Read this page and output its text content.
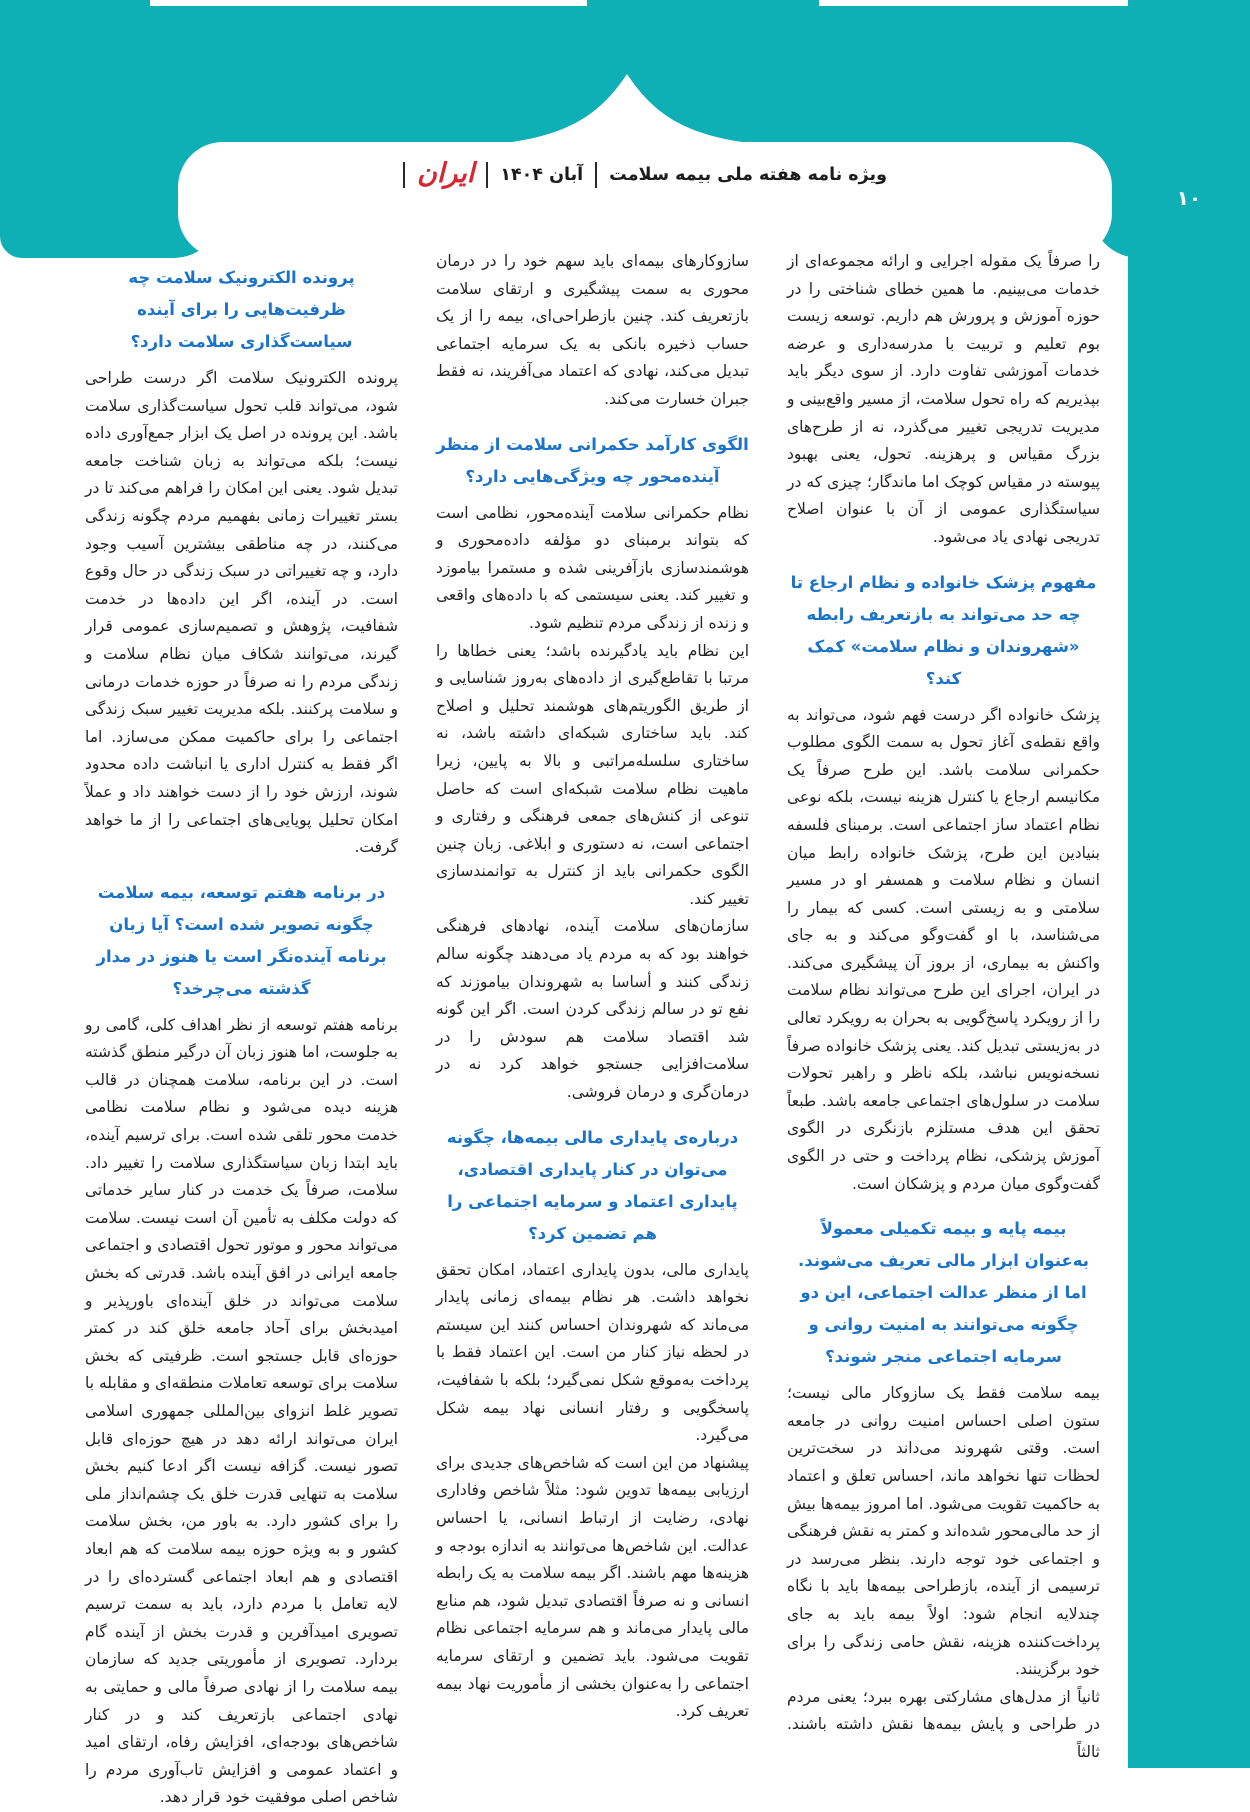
ویژه نامه هفته ملی بیمه سلامت
آبان ۱۴۰۴
ایران
۱۰
را صرفاً یک مقوله اجرایی و ارائه مجموعه‌ای از خدمات می‌بینیم. ما همین خطای شناختی را در حوزه آموزش و پرورش هم داریم. توسعه زیست بوم تعلیم و تربیت با مدرسه‌داری و عرضه خدمات آموزشی تفاوت دارد. از سوی دیگر باید بپذیریم که راه تحول سلامت، از مسیر واقع‌بینی و مدیریت تدریجی تغییر می‌گذرد، نه از طرح‌های بزرگ مقیاس و پرهزینه. تحول، یعنی بهبود پیوسته در مقیاس کوچک اما ماندگار؛ چیزی که در سیاستگذاری عمومی از آن با عنوان اصلاح تدریجی نهادی یاد می‌شود.
مفهوم پزشک خانواده و نظام ارجاع تا چه حد می‌تواند به بازتعریف رابطه «شهروندان و نظام سلامت» کمک کند؟
پزشک خانواده اگر درست فهم شود، می‌تواند به واقع نقطه‌ی آغاز تحول به سمت الگوی مطلوب حکمرانی سلامت باشد. این طرح صرفاً یک مکانیسم ارجاع یا کنترل هزینه نیست، بلکه نوعی نظام اعتماد ساز اجتماعی است. برمبنای فلسفه بنیادین این طرح، پزشک خانواده رابط میان انسان و نظام سلامت و همسفر او در مسیر سلامتی و به زیستی است. کسی که بیمار را می‌شناسد، با او گفت‌وگو می‌کند و به جای واکنش به بیماری، از بروز آن پیشگیری می‌کند. در ایران، اجرای این طرح می‌تواند نظام سلامت را از رویکرد پاسخ‌گویی به بحران به رویکرد تعالی در به‌زیستی تبدیل کند. یعنی پزشک خانواده صرفاً نسخه‌نویس نباشد، بلکه ناظر و راهبر تحولات سلامت در سلول‌های اجتماعی جامعه باشد. طبعاً تحقق این هدف مستلزم بازنگری در الگوی آموزش پزشکی، نظام پرداخت و حتی در الگوی گفت‌وگوی میان مردم و پزشکان است.
بیمه پایه و بیمه تکمیلی معمولاً به‌عنوان ابزار مالی تعریف می‌شوند. اما از منظر عدالت اجتماعی، این دو چگونه می‌توانند به امنیت روانی و سرمایه اجتماعی منجر شوند؟
بیمه سلامت فقط یک سازوکار مالی نیست؛ ستون اصلی احساس امنیت روانی در جامعه است. وقتی شهروند می‌داند در سخت‌ترین لحظات تنها نخواهد ماند، احساس تعلق و اعتماد به حاکمیت تقویت می‌شود. اما امروز بیمه‌ها بیش از حد مالی‌محور شده‌اند و کمتر به نقش فرهنگی و اجتماعی خود توجه دارند. بنظر می‌رسد در ترسیمی از آینده، بازطراحی بیمه‌ها باید با نگاه چندلایه انجام شود: اولاً بیمه باید به جای پرداخت‌کننده هزینه، نقش حامی زندگی را برای خود برگزینند.
ثانیاً از مدل‌های مشارکتی بهره ببرد؛ یعنی مردم در طراحی و پایش بیمه‌ها نقش داشته باشند. ثالثاً
سازوکارهای بیمه‌ای باید سهم خود را در درمان محوری به سمت پیشگیری و ارتقای سلامت بازتعریف کند. چنین بازطراحی‌ای، بیمه را از یک حساب ذخیره بانکی به یک سرمایه اجتماعی تبدیل می‌کند، نهادی که اعتماد می‌آفریند، نه فقط جبران خسارت می‌کند.
الگوی کارآمد حکمرانی سلامت از منظر آینده‌محور چه ویژگی‌هایی دارد؟
نظام حکمرانی سلامت آینده‌محور، نظامی است که بتواند برمبنای دو مؤلفه داده‌محوری و هوشمندسازی بازآفرینی شده و مستمرا بیاموزد و تغییر کند. یعنی سیستمی که با داده‌های واقعی و زنده از زندگی مردم تنظیم شود.
این نظام باید یادگیرنده باشد؛ یعنی خطاها را مرتبا با تقاطع‌گیری از داده‌های به‌روز شناسایی و از طریق الگوریتم‌های هوشمند تحلیل و اصلاح کند. باید ساختاری شبکه‌ای داشته باشد، نه ساختاری سلسله‌مراتبی و بالا به پایین، زیرا ماهیت نظام سلامت شبکه‌ای است که حاصل تنوعی از کنش‌های جمعی فرهنگی و رفتاری و اجتماعی است، نه دستوری و ابلاغی. زبان چنین الگوی حکمرانی باید از کنترل به توانمندسازی تغییر کند.
سازمان‌های سلامت آینده، نهادهای فرهنگی خواهند بود که به مردم یاد می‌دهند چگونه سالم زندگی کنند و أساسا به شهروندان بیاموزند که نفع تو در سالم زندگی کردن است. اگر این گونه شد اقتصاد سلامت هم سودش را در سلامت‌افزایی جستجو خواهد کرد نه در درمان‌گری و درمان فروشی.
درباره‌ی پایداری مالی بیمه‌ها، چگونه می‌توان در کنار پایداری اقتصادی، پایداری اعتماد و سرمایه اجتماعی را هم تضمین کرد؟
پایداری مالی، بدون پایداری اعتماد، امکان تحقق نخواهد داشت. هر نظام بیمه‌ای زمانی پایدار می‌ماند که شهروندان احساس کنند این سیستم در لحظه نیاز کنار من است. این اعتماد فقط با پرداخت به‌موقع شکل نمی‌گیرد؛ بلکه با شفافیت، پاسخگویی و رفتار انسانی نهاد بیمه شکل می‌گیرد.
پیشنهاد من این است که شاخص‌های جدیدی برای ارزیابی بیمه‌ها تدوین شود: مثلاً شاخص وفاداری نهادی، رضایت از ارتباط انسانی، یا احساس عدالت. این شاخص‌ها می‌توانند به اندازه بودجه و هزینه‌ها مهم باشند. اگر بیمه سلامت به یک رابطه انسانی و نه صرفاً اقتصادی تبدیل شود، هم منابع مالی پایدار می‌ماند و هم سرمایه اجتماعی نظام تقویت می‌شود. باید تضمین و ارتقای سرمایه اجتماعی را به‌عنوان بخشی از مأموریت نهاد بیمه تعریف کرد.
پرونده الکترونیک سلامت چه ظرفیت‌هایی را برای آینده سیاست‌گذاری سلامت دارد؟
پرونده الکترونیک سلامت اگر درست طراحی شود، می‌تواند قلب تحول سیاست‌گذاری سلامت باشد. این پرونده در اصل یک ابزار جمع‌آوری داده نیست؛ بلکه می‌تواند به زبان شناخت جامعه تبدیل شود. یعنی این امکان را فراهم می‌کند تا در بستر تغییرات زمانی بفهمیم مردم چگونه زندگی می‌کنند، در چه مناطقی بیشترین آسیب وجود دارد، و چه تغییراتی در سبک زندگی در حال وقوع است. در آینده، اگر این داده‌ها در خدمت شفافیت، پژوهش و تصمیم‌سازی عمومی قرار گیرند، می‌توانند شکاف میان نظام سلامت و زندگی مردم را نه صرفاً در حوزه خدمات درمانی و سلامت پرکنند. بلکه مدیریت تغییر سبک زندگی اجتماعی را برای حاکمیت ممکن می‌سازد. اما اگر فقط به کنترل اداری یا انباشت داده محدود شوند، ارزش خود را از دست خواهند داد و عملاً امکان تحلیل پویایی‌های اجتماعی را از ما خواهد گرفت.
در برنامه هفتم توسعه، بیمه سلامت چگونه تصویر شده است؟ آیا زبان برنامه آینده‌نگر است یا هنوز در مدار گذشته می‌چرخد؟
برنامه هفتم توسعه از نظر اهداف کلی، گامی رو به جلوست، اما هنوز زبان آن درگیر منطق گذشته است. در این برنامه، سلامت همچنان در قالب هزینه دیده می‌شود و نظام سلامت نظامی خدمت محور تلقی شده است. برای ترسیم آینده، باید ابتدا زبان سیاستگذاری سلامت را تغییر داد. سلامت، صرفاً یک خدمت در کنار سایر خدماتی که دولت مکلف به تأمین آن است نیست. سلامت می‌تواند محور و موتور تحول اقتصادی و اجتماعی جامعه ایرانی در افق آینده باشد. قدرتی که بخش سلامت می‌تواند در خلق آینده‌ای باورپذیر و امیدبخش برای آحاد جامعه خلق کند در کمتر حوزه‌ای قابل جستجو است. ظرفیتی که بخش سلامت برای توسعه تعاملات منطقه‌ای و مقابله با تصویر غلط انزوای بین‌المللی جمهوری اسلامی ایران می‌تواند ارائه دهد در هیچ حوزه‌ای قابل تصور نیست. گزافه نیست اگر ادعا کنیم بخش سلامت به تنهایی قدرت خلق یک چشم‌انداز ملی را برای کشور دارد. به باور من، بخش سلامت کشور و به ویژه حوزه بیمه سلامت که هم ابعاد اقتصادی و هم ابعاد اجتماعی گسترده‌ای را در لایه تعامل با مردم دارد، باید به سمت ترسیم تصویری امیدآفرین و قدرت بخش از آینده گام بردارد. تصویری از مأموریتی جدید که سازمان بیمه سلامت را از نهادی صرفاً مالی و حمایتی به نهادی اجتماعی بازتعریف کند و در کنار شاخص‌های بودجه‌ای، افزایش رفاه، ارتقای امید و اعتماد عمومی و افزایش تاب‌آوری مردم را شاخص اصلی موفقیت خود قرار دهد.
